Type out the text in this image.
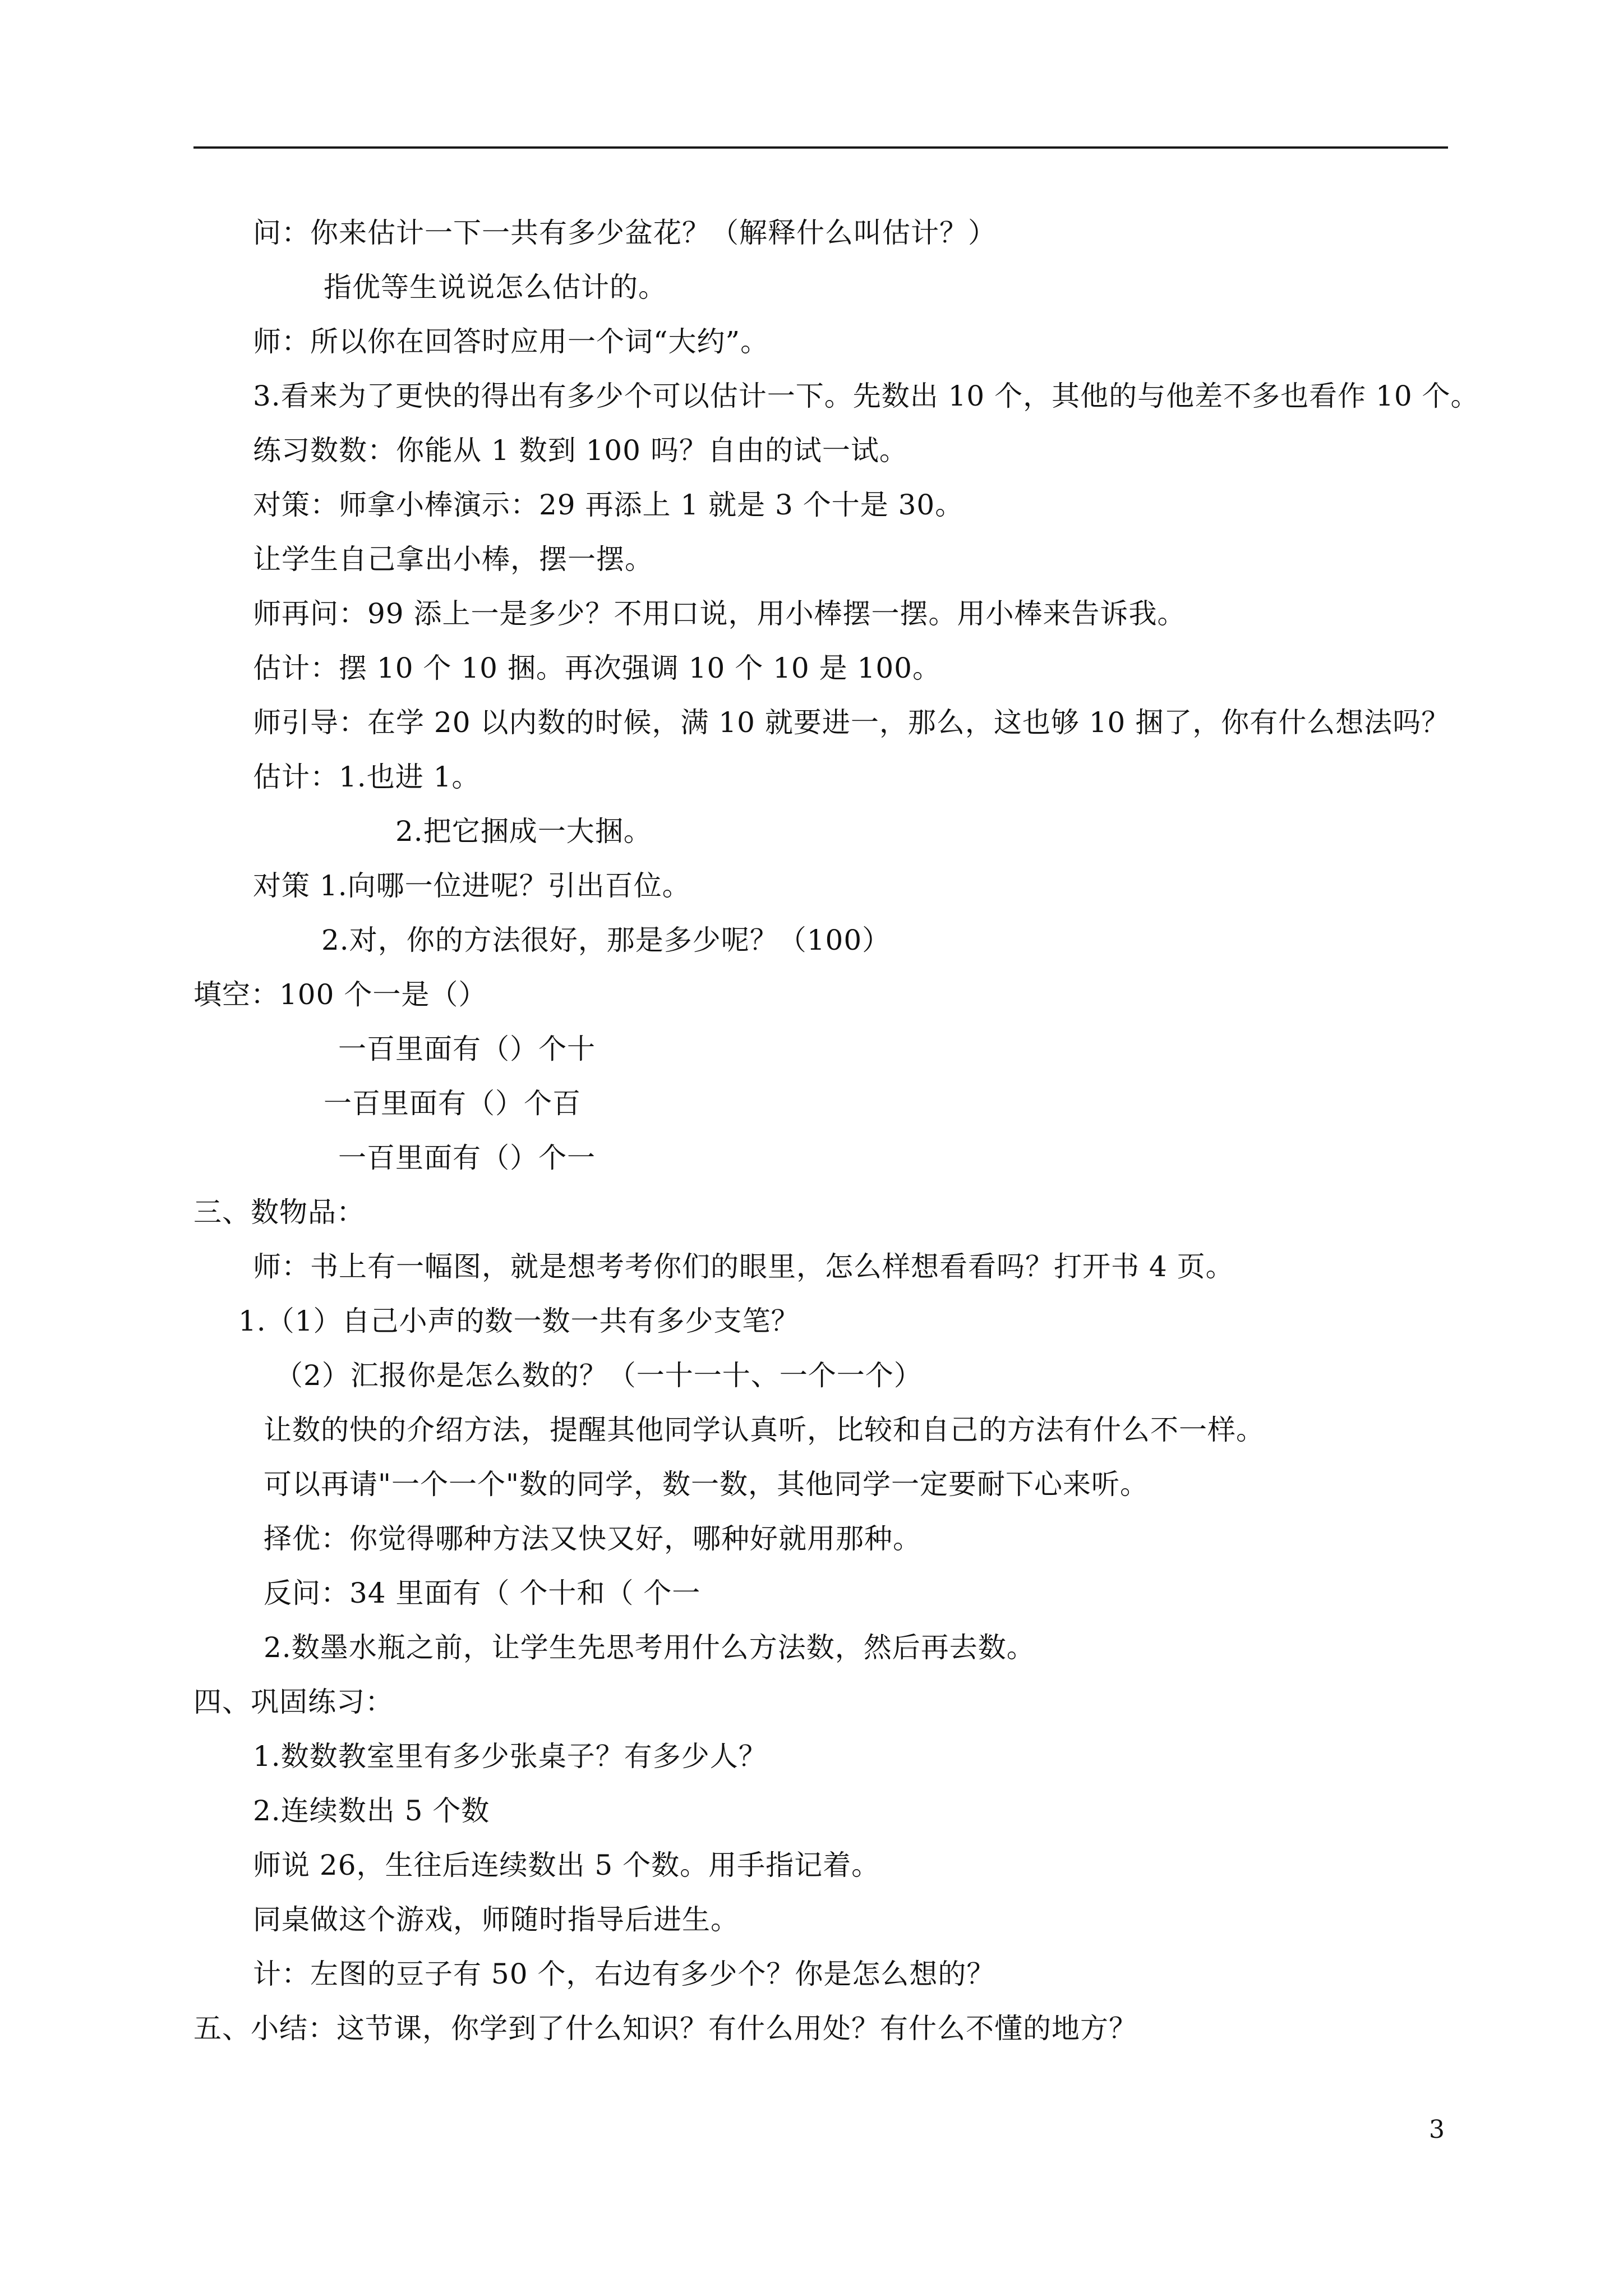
问：你来估计一下一共有多少盆花？（解释什么叫估计？）
指优等生说说怎么估计的。
师：所以你在回答时应用一个词“大约”。
3.看来为了更快的得出有多少个可以估计一下。先数出 10 个，其他的与他差不多也看作 10 个。
练习数数：你能从 1 数到 100 吗？自由的试一试。
对策：师拿小棒演示：29 再添上 1 就是 3 个十是 30。
让学生自己拿出小棒，摆一摆。
师再问：99 添上一是多少？不用口说，用小棒摆一摆。用小棒来告诉我。
估计：摆 10 个 10 捆。再次强调 10 个 10 是 100。
师引导：在学 20 以内数的时候，满 10 就要进一，那么，这也够 10 捆了，你有什么想法吗？
估计：1.也进 1。
2.把它捆成一大捆。
对策 1.向哪一位进呢？引出百位。
2.对，你的方法很好，那是多少呢？（100）
填空：100 个一是（）
一百里面有（）个十
一百里面有（）个百
一百里面有（）个一
三、数物品：
师：书上有一幅图，就是想考考你们的眼里，怎么样想看看吗？打开书 4 页。
1.（1）自己小声的数一数一共有多少支笔？
（2）汇报你是怎么数的？（一十一十、一个一个）
让数的快的介绍方法，提醒其他同学认真听，比较和自己的方法有什么不一样。
可以再请"一个一个"数的同学，数一数，其他同学一定要耐下心来听。
择优：你觉得哪种方法又快又好，哪种好就用那种。
反问：34 里面有（ 个十和（ 个一
2.数墨水瓶之前，让学生先思考用什么方法数，然后再去数。
四、巩固练习：
1.数数教室里有多少张桌子？有多少人？
2.连续数出 5 个数
师说 26，生往后连续数出 5 个数。用手指记着。
同桌做这个游戏，师随时指导后进生。
计：左图的豆子有 50 个，右边有多少个？你是怎么想的？
五、小结：这节课，你学到了什么知识？有什么用处？有什么不懂的地方？
3
